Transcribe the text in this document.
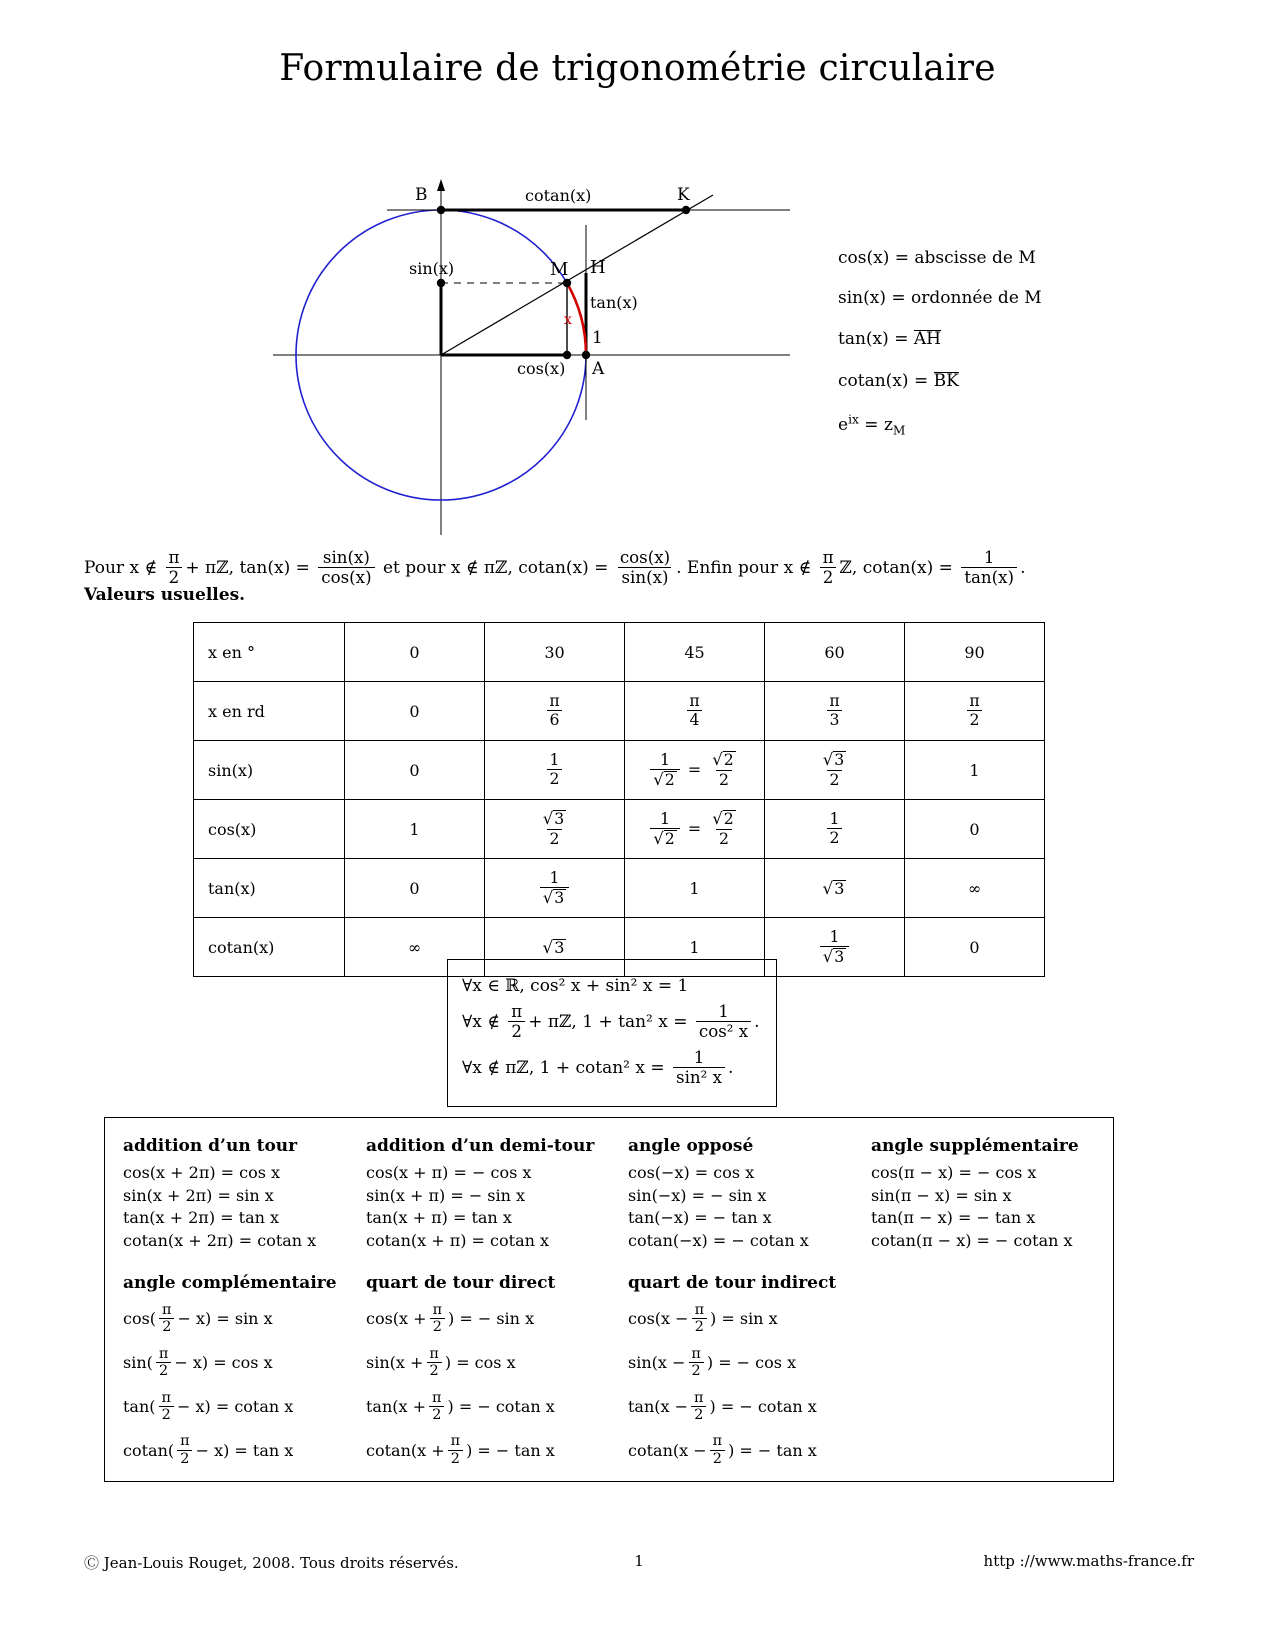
Formulaire de trigonométrie circulaire
B	K
cotan(x)
sin(x)	M H
tan(x)
x
1
cos(x) A
cos(x) = abscisse de M
sin(x) = ordonnée de M
tan(x) = AH
cotan(x) = BK
$e^{ix} = z_M$
Pour x ∉
$\frac{\pi}{2}$ + πℤ, tan(x) =
$\frac{\sin(x)}{\cos(x)}$
et pour x ∉ πℤ, cotan(x) =
$\frac{\cos(x)}{\sin(x)}$ . Enfin pour x ∉
$\frac{\pi}{2}$ ℤ, cotan(x) =
$\frac{1}{\tan(x)}$ .
Valeurs usuelles.
x en °	0	30	45	60	90
x en rd	0	$\frac{\pi}{6}$	$\frac{\pi}{4}$	$\frac{\pi}{3}$	$\frac{\pi}{2}$

sin(x)	0	$\frac{1}{2}$	$\frac{1}{√2} = \frac{√2}{2}$	$\frac{√3}{2}$	1
cos(x)	1	$\frac{√3}{2}$	$\frac{1}{√2} = \frac{√2}{2}$	$\frac{1}{2}$	0
tan(x)	0	$\frac{1}{√3}$	1	√3	∞
cotan(x)	∞	√3	1	$\frac{1}{√3}$	0
∀x ∈ ℝ, cos² x + sin² x = 1
∀x ∉
$\frac{\pi}{2}$ + πℤ, 1 + tan² x =
$\frac{1}{\text{cos² x}}$ .
∀x ∉ πℤ, 1 + cotan² x =
$\frac{1}{\text{sin² x}}$ .
addition d’un tour
cos(x + 2π) = cos x
sin(x + 2π) = sin x
tan(x + 2π) = tan x
cotan(x + 2π) = cotan x
addition d’un demi-tour
cos(x + π) = − cos x
sin(x + π) = − sin x
tan(x + π) = tan x
cotan(x + π) = cotan x
angle opposé
cos(−x) = cos x
sin(−x) = − sin x
tan(−x) = − tan x
cotan(−x) = − cotan x
angle supplémentaire
cos(π − x) = − cos x
sin(π − x) = sin x
tan(π − x) = − tan x
cotan(π − x) = − cotan x
angle complémentaire
$\cos( \frac{\pi}{2} - x) = \sin x$
$\sin( \frac{\pi}{2} - x) = \cos x$
$\tan( \frac{\pi}{2} - x) = cotan$ x
$cotan( \frac{\pi}{2} - x) = \tan x$
quart de tour direct
$\cos(x + \frac{\pi}{2}$ ) = − sin x
$\sin(x + \frac{\pi}{2}$ ) = cos x
$\tan(x + \frac{\pi}{2}$ ) = − cotan x
$cotan(x + \frac{\pi}{2}$ ) = − tan x
quart de tour indirect
$\cos(x - \frac{\pi}{2}$ ) = sin x
$\sin(x - \frac{\pi}{2}$ ) = − cos x
$\tan(x - \frac{\pi}{2}$ ) = − cotan x
$cotan(x - \frac{\pi}{2}$ ) = − tan x
Ⓒ Jean-Louis Rouget, 2008. Tous droits réservés.	1	http ://www.maths-france.fr
